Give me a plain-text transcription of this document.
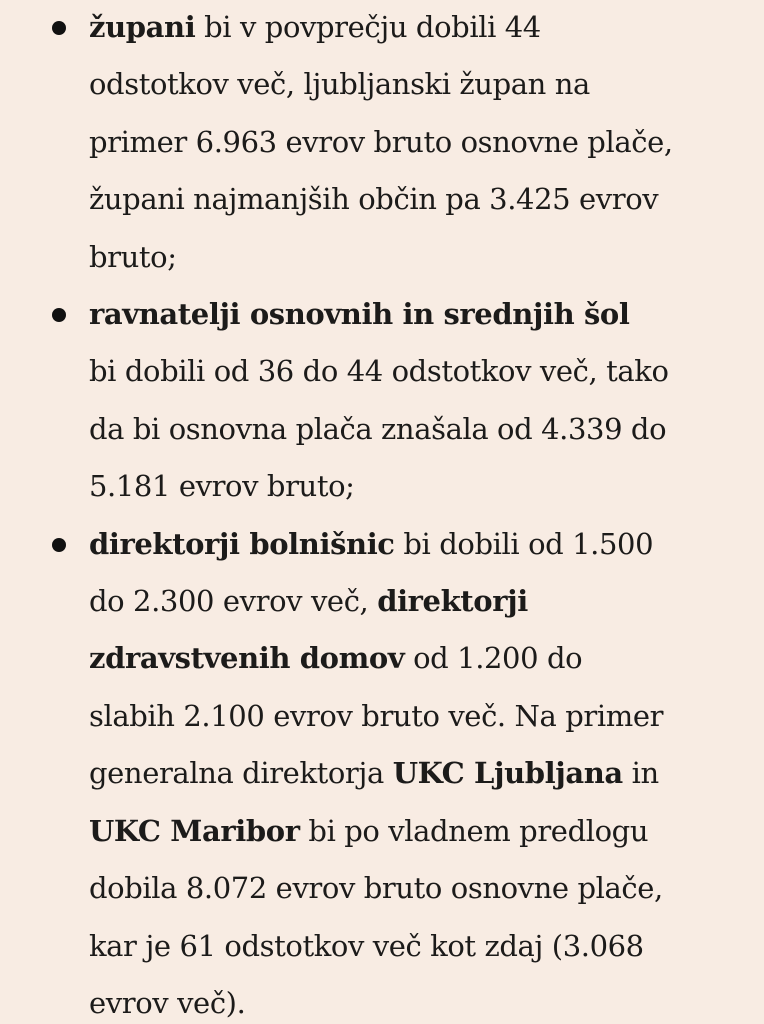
župani bi v povprečju dobili 44
odstotkov več, ljubljanski župan na
primer 6.963 evrov bruto osnovne plače,
župani najmanjših občin pa 3.425 evrov
bruto;
ravnatelji osnovnih in srednjih šol
bi dobili od 36 do 44 odstotkov več, tako
da bi osnovna plača znašala od 4.339 do
5.181 evrov bruto;
direktorji bolnišnic bi dobili od 1.500
do 2.300 evrov več, direktorji
zdravstvenih domov od 1.200 do
slabih 2.100 evrov bruto več. Na primer
generalna direktorja UKC Ljubljana in
UKC Maribor bi po vladnem predlogu
dobila 8.072 evrov bruto osnovne plače,
kar je 61 odstotkov več kot zdaj (3.068
evrov več).
